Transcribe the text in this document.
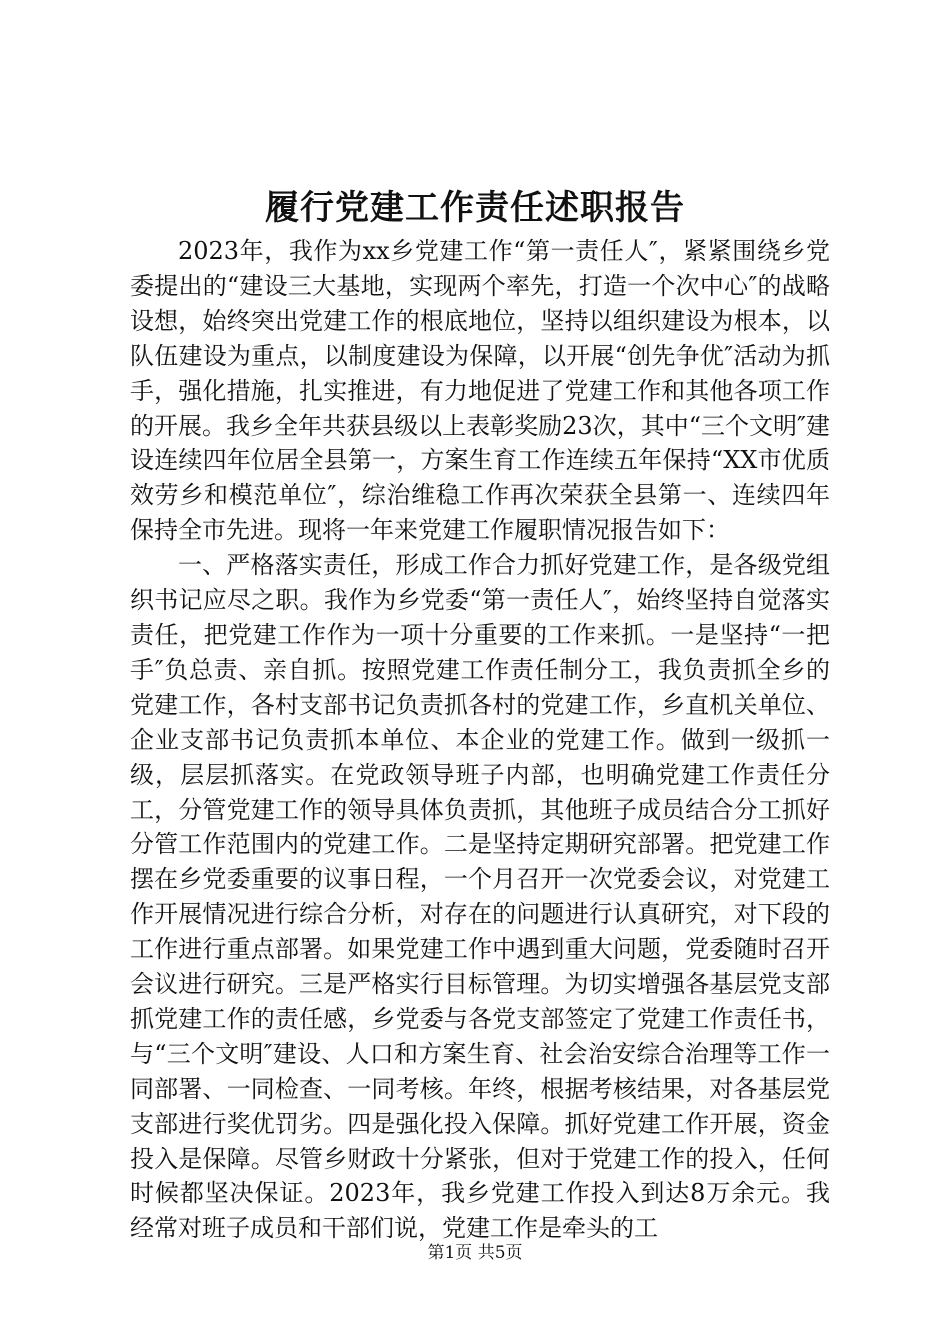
履行党建工作责任述职报告

2023年，我作为xx乡党建工作“第一责任人″，紧紧围绕乡党委提出的“建设三大基地，实现两个率先，打造一个次中心″的战略设想，始终突出党建工作的根底地位，坚持以组织建设为根本，以队伍建设为重点，以制度建设为保障，以开展“创先争优″活动为抓手，强化措施，扎实推进，有力地促进了党建工作和其他各项工作的开展。我乡全年共获县级以上表彰奖励23次，其中“三个文明″建设连续四年位居全县第一，方案生育工作连续五年保持“XX市优质效劳乡和模范单位″，综治维稳工作再次荣获全县第一、连续四年保持全市先进。现将一年来党建工作履职情况报告如下：

一、严格落实责任，形成工作合力抓好党建工作，是各级党组织书记应尽之职。我作为乡党委“第一责任人″，始终坚持自觉落实责任，把党建工作作为一项十分重要的工作来抓。一是坚持“一把手″负总责、亲自抓。按照党建工作责任制分工，我负责抓全乡的党建工作，各村支部书记负责抓各村的党建工作，乡直机关单位、企业支部书记负责抓本单位、本企业的党建工作。做到一级抓一级，层层抓落实。在党政领导班子内部，也明确党建工作责任分工，分管党建工作的领导具体负责抓，其他班子成员结合分工抓好分管工作范围内的党建工作。二是坚持定期研究部署。把党建工作摆在乡党委重要的议事日程，一个月召开一次党委会议，对党建工作开展情况进行综合分析，对存在的问题进行认真研究，对下段的工作进行重点部署。如果党建工作中遇到重大问题，党委随时召开会议进行研究。三是严格实行目标管理。为切实增强各基层党支部抓党建工作的责任感，乡党委与各党支部签定了党建工作责任书，与“三个文明″建设、人口和方案生育、社会治安综合治理等工作一同部署、一同检查、一同考核。年终，根据考核结果，对各基层党支部进行奖优罚劣。四是强化投入保障。抓好党建工作开展，资金投入是保障。尽管乡财政十分紧张，但对于党建工作的投入，任何时候都坚决保证。2023年，我乡党建工作投入到达8万余元。我经常对班子成员和干部们说，党建工作是牵头的工

第1页 共5页
